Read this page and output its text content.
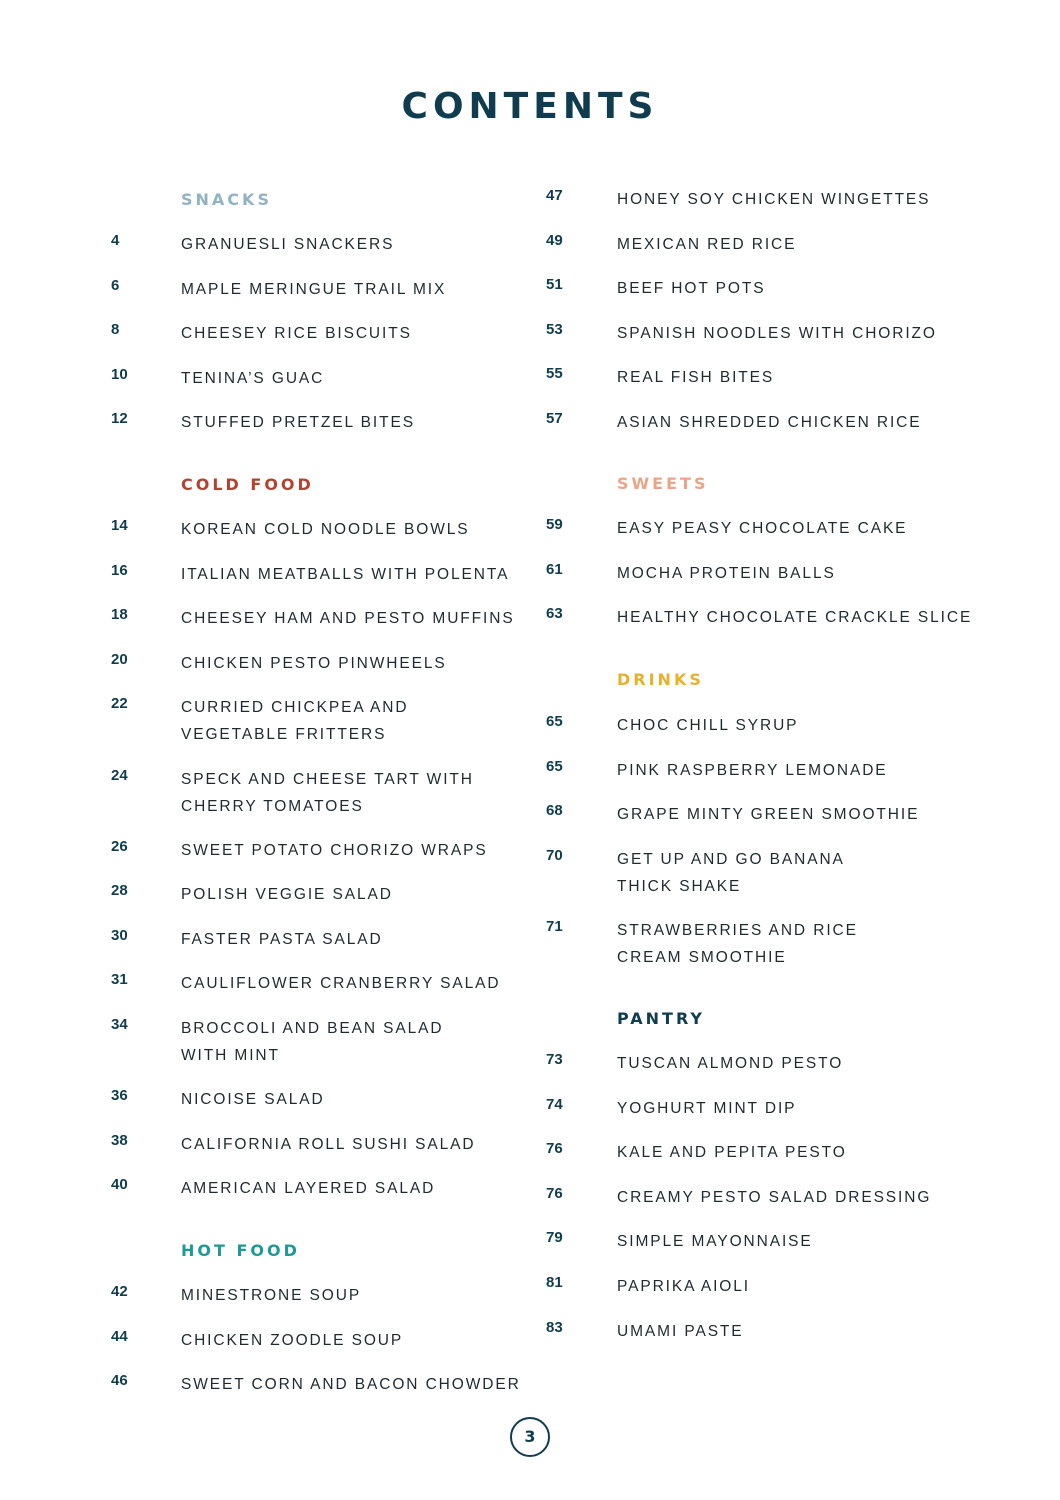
CONTENTS
SNACKS
4	GRANUESLI SNACKERS
6	MAPLE MERINGUE TRAIL MIX
8	CHEESEY RICE BISCUITS
10	TENINA’S GUAC
12	STUFFED PRETZEL BITES
COLD FOOD
14	KOREAN COLD NOODLE BOWLS
16	ITALIAN MEATBALLS WITH POLENTA
18	CHEESEY HAM AND PESTO MUFFINS
20	CHICKEN PESTO PINWHEELS
22	CURRIED CHICKPEA AND
VEGETABLE FRITTERS
24	SPECK AND CHEESE TART WITH
CHERRY TOMATOES
26	SWEET POTATO CHORIZO WRAPS
28	POLISH VEGGIE SALAD
30	FASTER PASTA SALAD
31	CAULIFLOWER CRANBERRY SALAD
34	BROCCOLI AND BEAN SALAD
WITH MINT
36	NICOISE SALAD
38	CALIFORNIA ROLL SUSHI SALAD
40	AMERICAN LAYERED SALAD
HOT FOOD
42	MINESTRONE SOUP
44	CHICKEN ZOODLE SOUP
46	SWEET CORN AND BACON CHOWDER
47	HONEY SOY CHICKEN WINGETTES
49	MEXICAN RED RICE
51	BEEF HOT POTS
53	SPANISH NOODLES WITH CHORIZO
55	REAL FISH BITES
57	ASIAN SHREDDED CHICKEN RICE
SWEETS
59	EASY PEASY CHOCOLATE CAKE
61	MOCHA PROTEIN BALLS
63	HEALTHY CHOCOLATE CRACKLE SLICE
DRINKS
65	CHOC CHILL SYRUP
65	PINK RASPBERRY LEMONADE
68	GRAPE MINTY GREEN SMOOTHIE
70	GET UP AND GO BANANA
THICK SHAKE
71	STRAWBERRIES AND RICE
CREAM SMOOTHIE
PANTRY
73	TUSCAN ALMOND PESTO
74	YOGHURT MINT DIP
76	KALE AND PEPITA PESTO
76	CREAMY PESTO SALAD DRESSING
79	SIMPLE MAYONNAISE
81	PAPRIKA AIOLI
83	UMAMI PASTE
3
